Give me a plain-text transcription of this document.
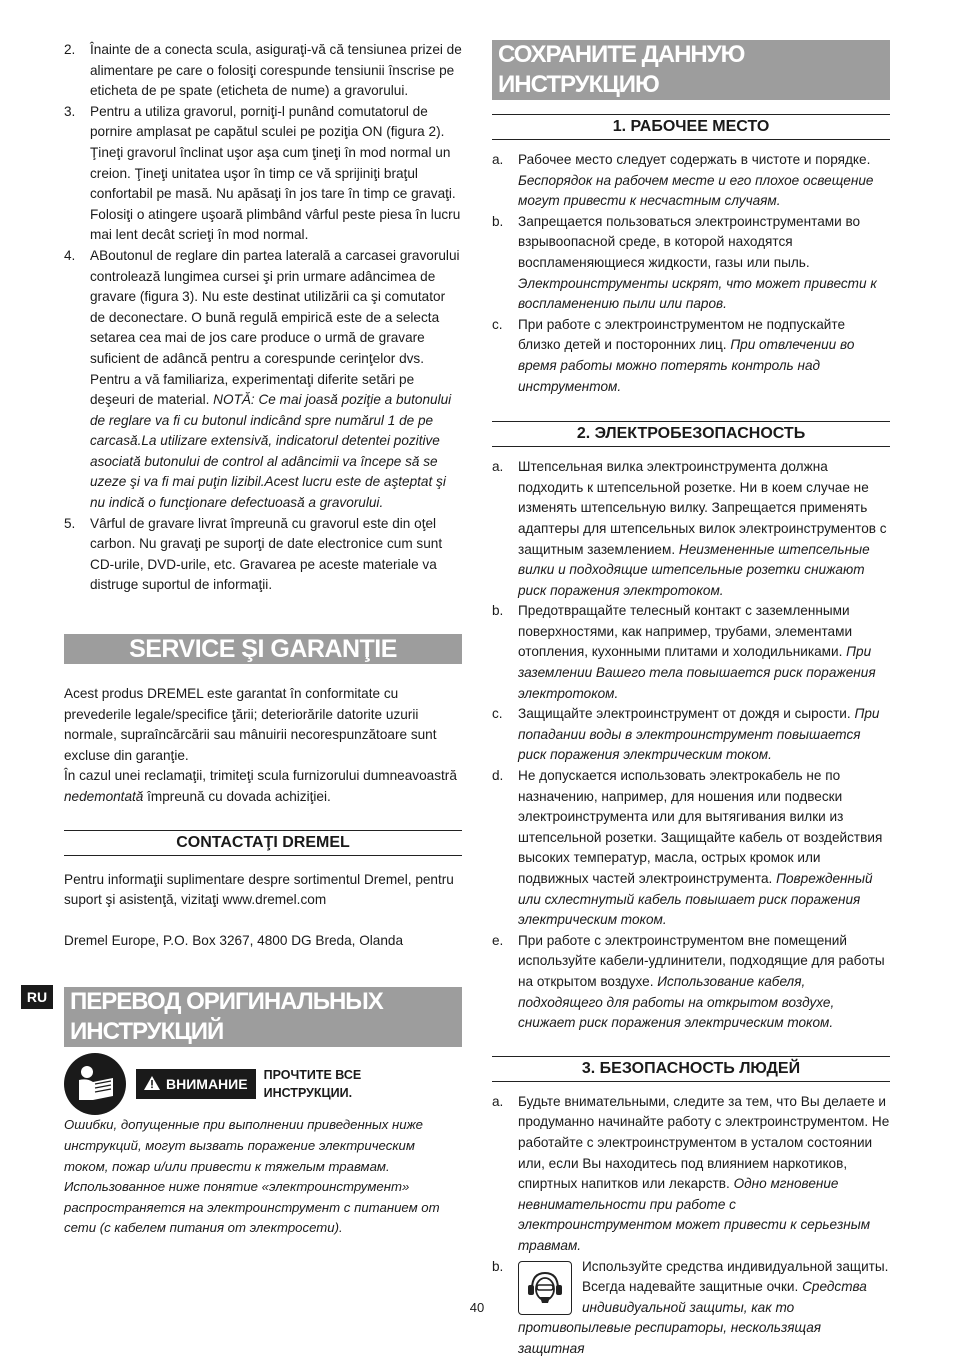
2.	Înainte de a conecta scula, asiguraţi-vă că tensiunea prizei de alimentare pe care o folosiţi corespunde tensiunii înscrise pe eticheta de pe spate (eticheta de nume) a gravorului.
3.	Pentru a utiliza gravorul, porniţi-l punând comutatorul de pornire amplasat pe capătul sculei pe poziţia ON (figura 2). Ţineţi gravorul înclinat uşor aşa cum ţineţi în mod normal un creion. Ţineţi unitatea uşor în timp ce vă sprijiniţi braţul confortabil pe masă. Nu apăsaţi în jos tare în timp ce gravaţi. Folosiţi o atingere uşoară plimbând vârful peste piesa în lucru mai lent decât scrieţi în mod normal.
4.	ABoutonul de reglare din partea laterală a carcasei gravorului controlează lungimea cursei şi prin urmare adâncimea de gravare (figura 3). Nu este destinat utilizării ca şi comutator de deconectare. O bună regulă empirică este de a selecta setarea cea mai de jos care produce o urmă de gravare suficient de adâncă pentru a corespunde cerinţelor dvs. Pentru a vă familiariza, experimentaţi diferite setări pe deşeuri de material. NOTĂ: Ce mai joasă poziţie a butonului de reglare va fi cu butonul indicând spre numărul 1 de pe carcasă.La utilizare extensivă, indicatorul detentei pozitive asociată butonului de control al adâncimii va începe să se uzeze şi va fi mai puţin lizibil.Acest lucru este de aşteptat şi nu indică o funcţionare defectuoasă a gravorului.
5.	Vârful de gravare livrat împreună cu gravorul este din oţel carbon. Nu gravaţi pe suporţi de date electronice cum sunt CD-urile, DVD-urile, etc. Gravarea pe aceste materiale va distruge suportul de informaţii.
SERVICE ŞI GARANŢIE

Acest produs DREMEL este garantat în conformitate cu prevederile legale/specifice ţării; deteriorările datorite uzurii normale, supraîncărcării sau mânuirii necorespunzătoare sunt excluse din garanţie.

În cazul unei reclamaţii, trimiteţi scula furnizorului dumneavoastră nedemontată împreună cu dovada achiziţiei.

CONTACTAŢI DREMEL

Pentru informaţii suplimentare despre sortimentul Dremel, pentru suport şi asistenţă, vizitaţi www.dremel.com

Dremel Europe, P.O. Box 3267, 4800 DG Breda, Olanda

ПЕРЕВОД ОРИГИНАЛЬНЫХ ИНСТРУКЦИЙ
ВНИМАНИЕ
ПРОЧТИТЕ ВСЕ ИНСТРУКЦИИ.

Ошибки, допущенные при выполнении приведенных ниже инструкций, могут вызвать поражение электрическим током, пожар и/или привести к тяжелым травмам. Использованное ниже понятие «электроинструмент» распространяется на электроинструмент с питанием от сети (с кабелем питания от электросети).

RU
СОХРАНИТЕ ДАННУЮ ИНСТРУКЦИЮ
1. РАБОЧЕЕ МЕСТО
a.	Рабочее место следует содержать в чистоте и порядке. Беспорядок на рабочем месте и его плохое освещение могут привести к несчастным случаям.
b.	Запрещается пользоваться электроинструментами во взрывоопасной среде, в которой находятся воспламеняющиеся жидкости, газы или пыль. Электроинструменты искрят, что может привести к воспламенению пыли или паров.
c.	При работе с электроинструментом не подпускайте близко детей и посторонних лиц. При отвлечении во время работы можно потерять контроль над инструментом.
2. ЭЛЕКТРОБЕЗОПАСНОСТЬ
a.	Штепсельная вилка электроинструмента должна подходить к штепсельной розетке. Ни в коем случае не изменять штепсельную вилку. Запрещается применять адаптеры для штепсельных вилок электроинструментов с защитным заземлением. Неизмененные штепсельные вилки и подходящие штепсельные розетки снижают риск поражения электротоком.
b.	Предотвращайте телесный контакт с заземленными поверхностями, как например, трубами, элементами отопления, кухонными плитами и холодильниками. При заземлении Вашего тела повышается риск поражения электротоком.
c.	Защищайте электроинструмент от дождя и сырости. При попадании воды в электроинструмент повышается риск поражения электрическим током.
d.	Не допускается использовать электрокабель не по назначению, например, для ношения или подвески электроинструмента или для вытягивания вилки из штепсельной розетки. Защищайте кабель от воздействия высоких температур, масла, острых кромок или подвижных частей электроинструмента. Поврежденный или схлестнутый кабель повышает риск поражения электрическим током.
e.	При работе с электроинструментом вне помещений используйте кабели-удлинители, подходящие для работы на открытом воздухе. Использование кабеля, подходящего для работы на открытом воздухе, снижает риск поражения электрическим током.
3. БЕЗОПАСНОСТЬ ЛЮДЕЙ
a.	Будьте внимательными, следите за тем, что Вы делаете и продуманно начинайте работу с электроинструментом. Не работайте с электроинструментом в усталом состоянии или, если Вы находитесь под влиянием наркотиков, спиртных напитков или лекарств. Одно мгновение невнимательности при работе с электроинструментом может привести к серьезным травмам.
b.	Используйте средства индивидуальной защиты. Всегда надевайте защитные очки. Средства индивидуальной защиты, как то противопылевые респираторы, нескользящая защитная
40
